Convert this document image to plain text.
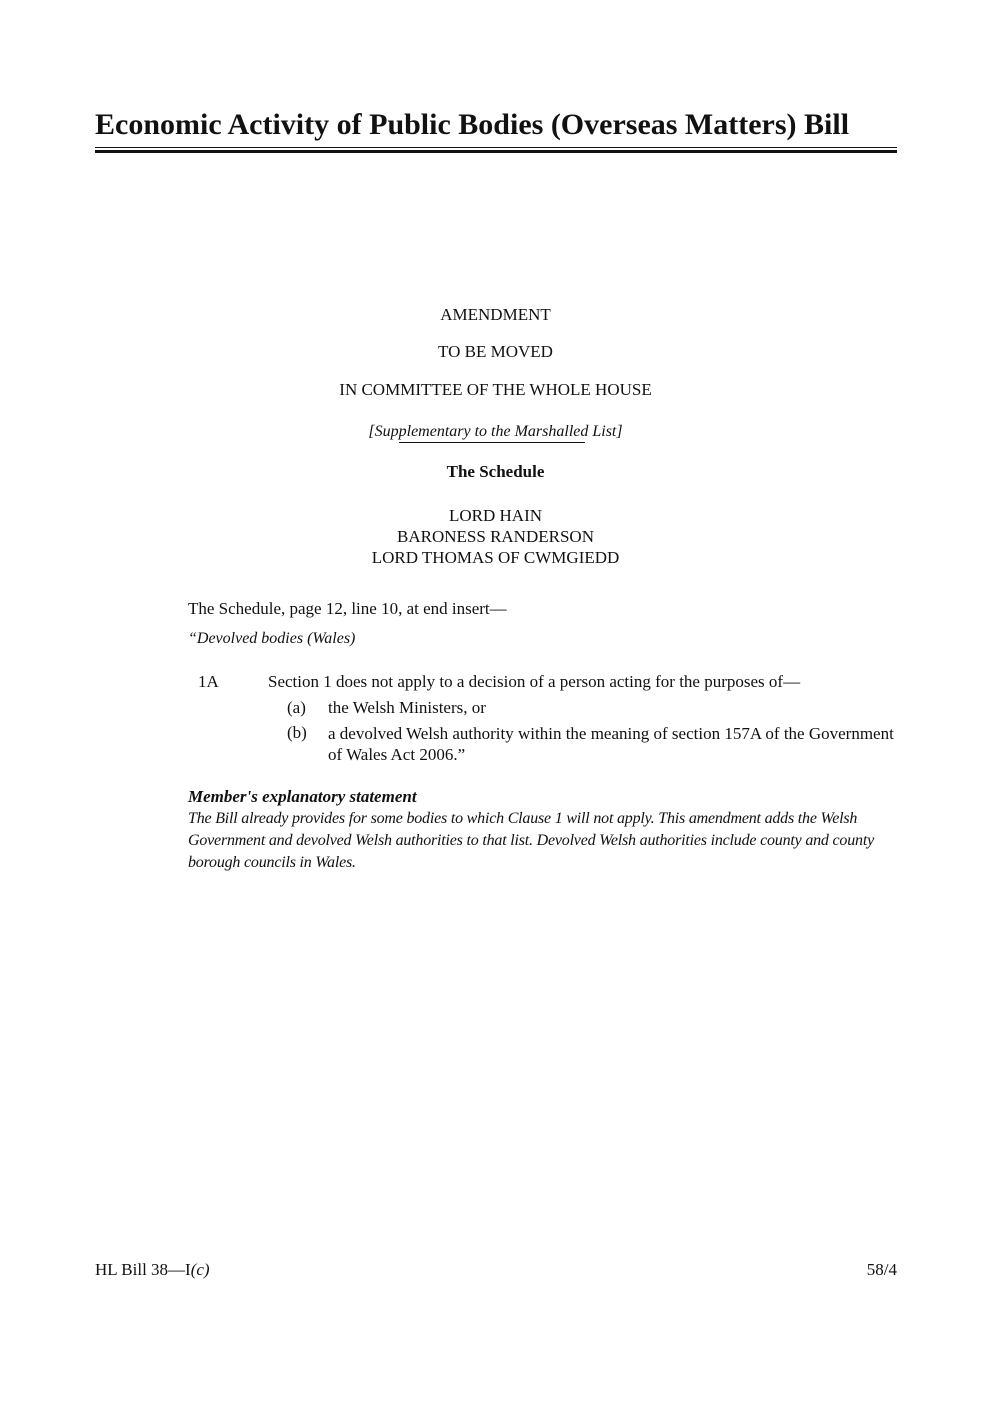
Economic Activity of Public Bodies (Overseas Matters) Bill
AMENDMENT
TO BE MOVED
IN COMMITTEE OF THE WHOLE HOUSE
[Supplementary to the Marshalled List]
The Schedule
LORD HAIN
BARONESS RANDERSON
LORD THOMAS OF CWMGIEDD
The Schedule, page 12, line 10, at end insert—
“Devolved bodies (Wales)
1A	Section 1 does not apply to a decision of a person acting for the purposes of—
(a) the Welsh Ministers, or
(b) a devolved Welsh authority within the meaning of section 157A of the Government of Wales Act 2006.”
Member's explanatory statement
The Bill already provides for some bodies to which Clause 1 will not apply. This amendment adds the Welsh Government and devolved Welsh authorities to that list. Devolved Welsh authorities include county and county borough councils in Wales.
HL Bill 38—I(c)	58/4
